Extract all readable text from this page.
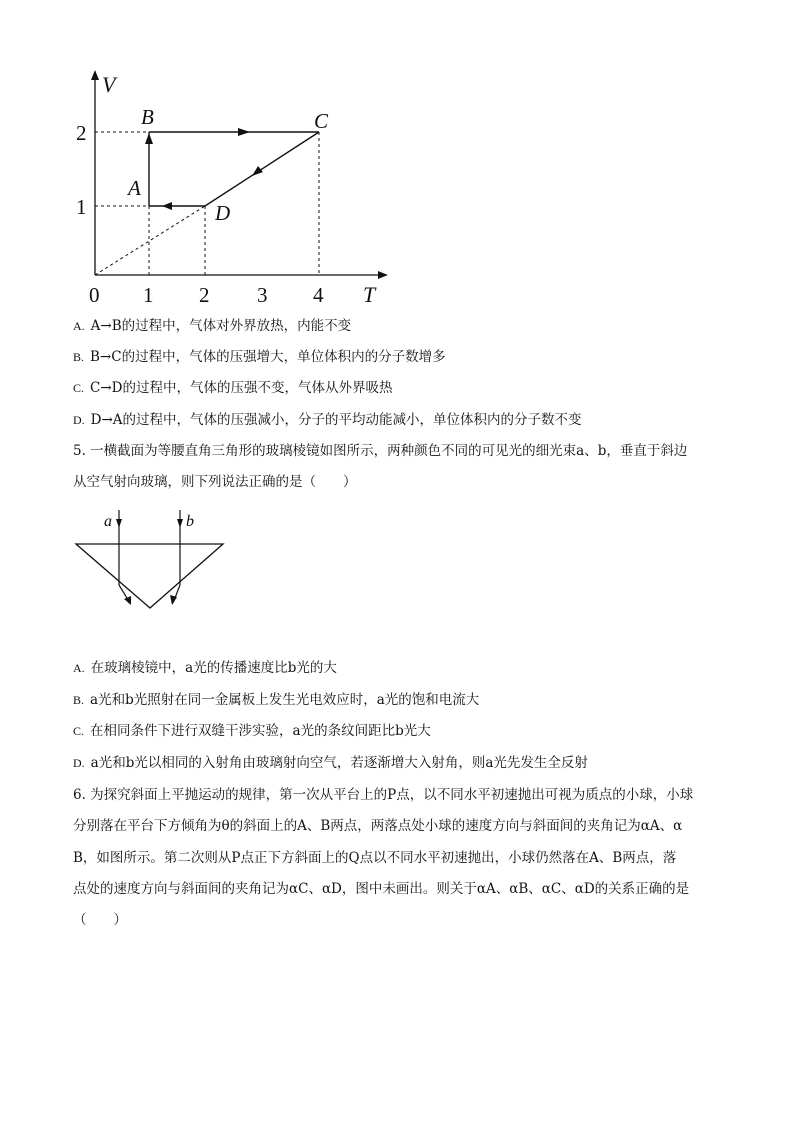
V
T
0 1 2 3 4
2
1
A
B	C
D
A. A→B的过程中，气体对外界放热，内能不变
B. B→C的过程中，气体的压强增大，单位体积内的分子数增多
C. C→D的过程中，气体的压强不变，气体从外界吸热
D. D→A的过程中，气体的压强减小，分子的平均动能减小，单位体积内的分子数不变
5. 一横截面为等腰直角三角形的玻璃棱镜如图所示，两种颜色不同的可见光的细光束a、b，垂直于斜边
从空气射向玻璃，则下列说法正确的是（　　）
a	b
A. 在玻璃棱镜中，a光的传播速度比b光的大
B. a光和b光照射在同一金属板上发生光电效应时，a光的饱和电流大
C. 在相同条件下进行双缝干涉实验，a光的条纹间距比b光大
D. a光和b光以相同的入射角由玻璃射向空气，若逐渐增大入射角，则a光先发生全反射
6. 为探究斜面上平抛运动的规律，第一次从平台上的P点，以不同水平初速抛出可视为质点的小球，小球
分别落在平台下方倾角为θ的斜面上的A、B两点，两落点处小球的速度方向与斜面间的夹角记为αA、α
B，如图所示。第二次则从P点正下方斜面上的Q点以不同水平初速抛出，小球仍然落在A、B两点，落
点处的速度方向与斜面间的夹角记为αC、αD，图中未画出。则关于αA、αB、αC、αD的关系正确的是
（　　）
